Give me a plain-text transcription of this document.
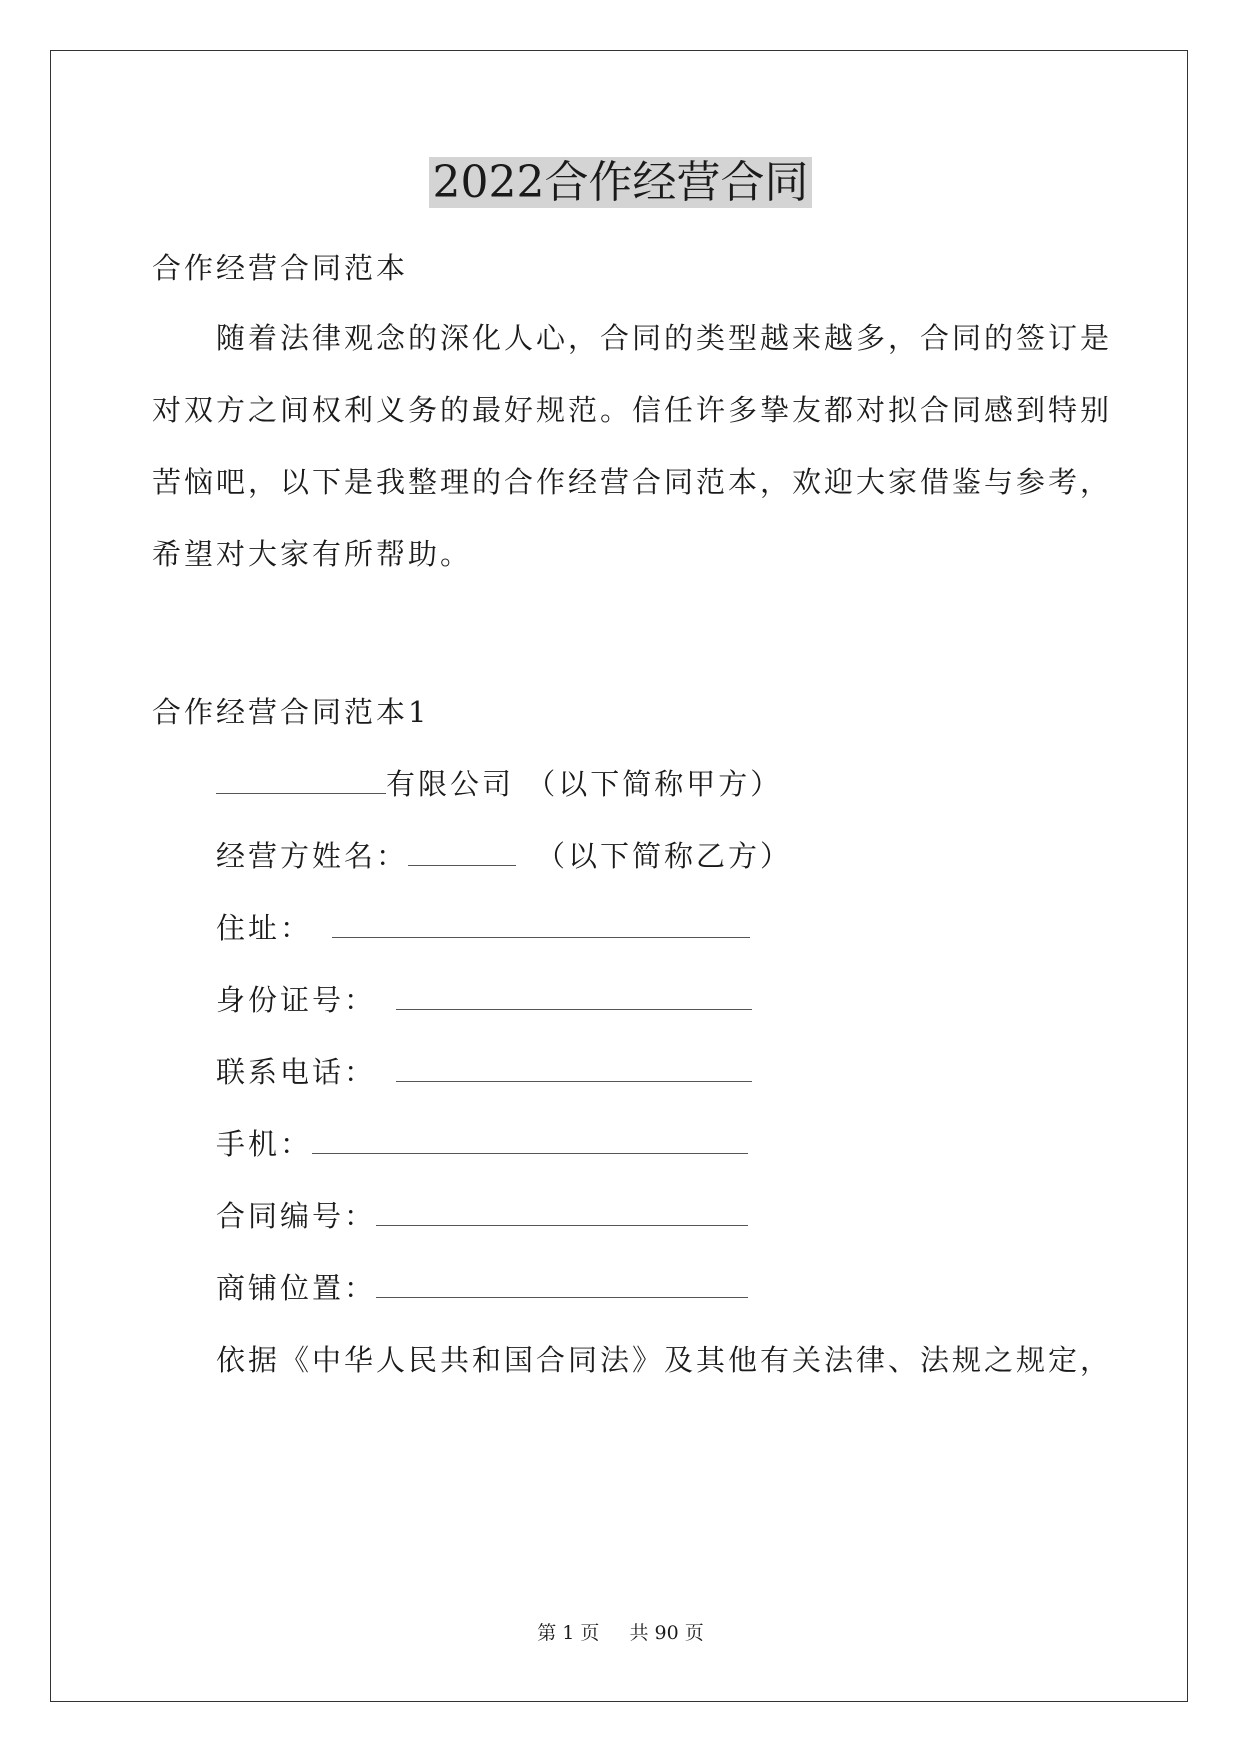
2022合作经营合同

合作经营合同范本

随着法律观念的深化人心，合同的类型越来越多，合同的签订是

对双方之间权利义务的最好规范。信任许多挚友都对拟合同感到特别

苦恼吧，以下是我整理的合作经营合同范本，欢迎大家借鉴与参考，

希望对大家有所帮助。

合作经营合同范本1

有限公司 （以下简称甲方）

经营方姓名：	（以下简称乙方）

住址：

身份证号：

联系电话：

手机：

合同编号：

商铺位置：

依据《中华人民共和国合同法》及其他有关法律、法规之规定，

第 1 页 共 90 页
